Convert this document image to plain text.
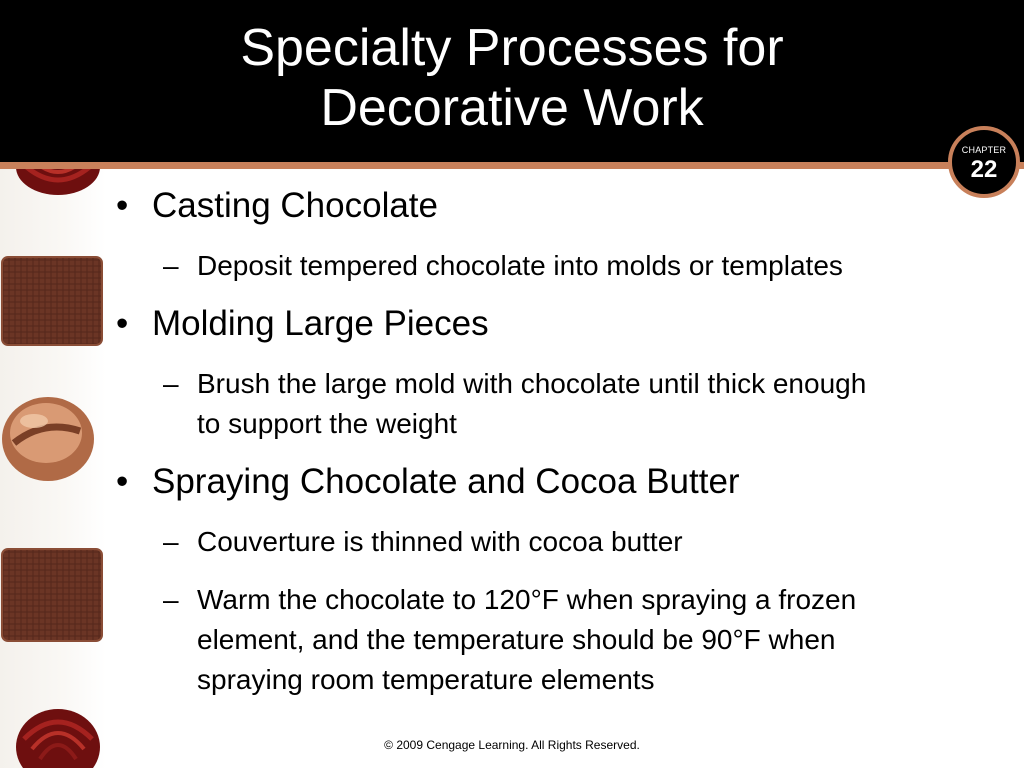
Specialty Processes for
Decorative Work
CHAPTER
22
• Casting Chocolate
– Deposit tempered chocolate into molds or templates
• Molding Large Pieces
– Brush the large mold with chocolate until thick enough to support the weight
• Spraying Chocolate and Cocoa Butter
– Couverture is thinned with cocoa butter
– Warm the chocolate to 120°F when spraying a frozen element, and the temperature should be 90°F when spraying room temperature elements
© 2009 Cengage Learning. All Rights Reserved.
